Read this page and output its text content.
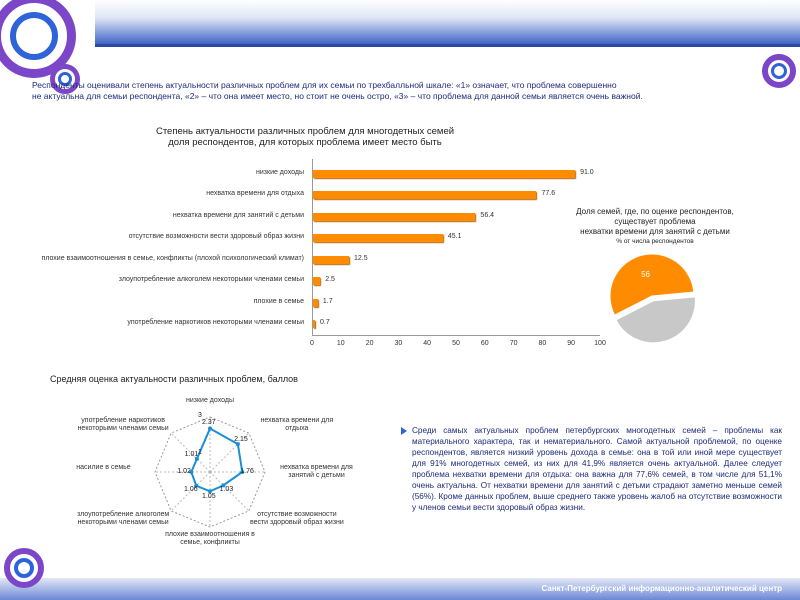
Респонденты оценивали степень актуальности различных проблем для их семьи по трехбалльной шкале: «1» означает, что проблема совершенно
не актуальна для семьи респондента, «2» – что она имеет место, но стоит не очень остро, «3» – что проблема для данной семьи является очень важной.
Степень актуальности различных проблем для многодетных семей
доля респондентов, для которых проблема имеет место быть
низкие доходы	91.0
нехватка времени для отдыха	77.6
нехватка времени для занятий с детьми	56.4
отсутствие возможности вести здоровый образ жизни	45.1
плохие взаимоотношения в семье, конфликты (плохой психологический климат)	12.5
злоупотребление алкоголем некоторыми членами семьи	2.5
плохие в семье	1.7
употребление наркотиков некоторыми членами семьи 0.7
0	10	20	30	40	50	60	70	80	90	100
Доля семей, где, по оценке респондентов,
существует проблема
нехватки времени для занятий с детьми
% от числа респондентов
56
Средняя оценка актуальности различных проблем, баллов
низкие доходы
2.37	нехватка времени для отдыха
2.15
нехватка времени для занятий с детьми
1.76
отсутствие возможности вести здоровый образ жизни
1.03
плохие взаимоотношения в семье, конфликты
1.05
злоупотребление алкоголем некоторыми членами семьи
1.06
насилие в семье
1.02
употребление наркотиков некоторыми членами семьи
1.01
3
1
Среди самых актуальных проблем петербургских многодетных семей – проблемы как материального характера, так и нематериального. Самой актуальной проблемой, по оценке респондентов, является низкий уровень дохода в семье: она в той или иной мере существует для 91% многодетных семей, из них для 41,9% является очень актуальной. Далее следует проблема нехватки времени для отдыха: она важна для 77,6% семей, в том числе для 51,1% очень актуальна. От нехватки времени для занятий с детьми страдают заметно меньше семей (56%). Кроме данных проблем, выше среднего также уровень жалоб на отсутствие возможности у членов семьи вести здоровый образ жизни.
Санкт-Петербургский информационно-аналитический центр
